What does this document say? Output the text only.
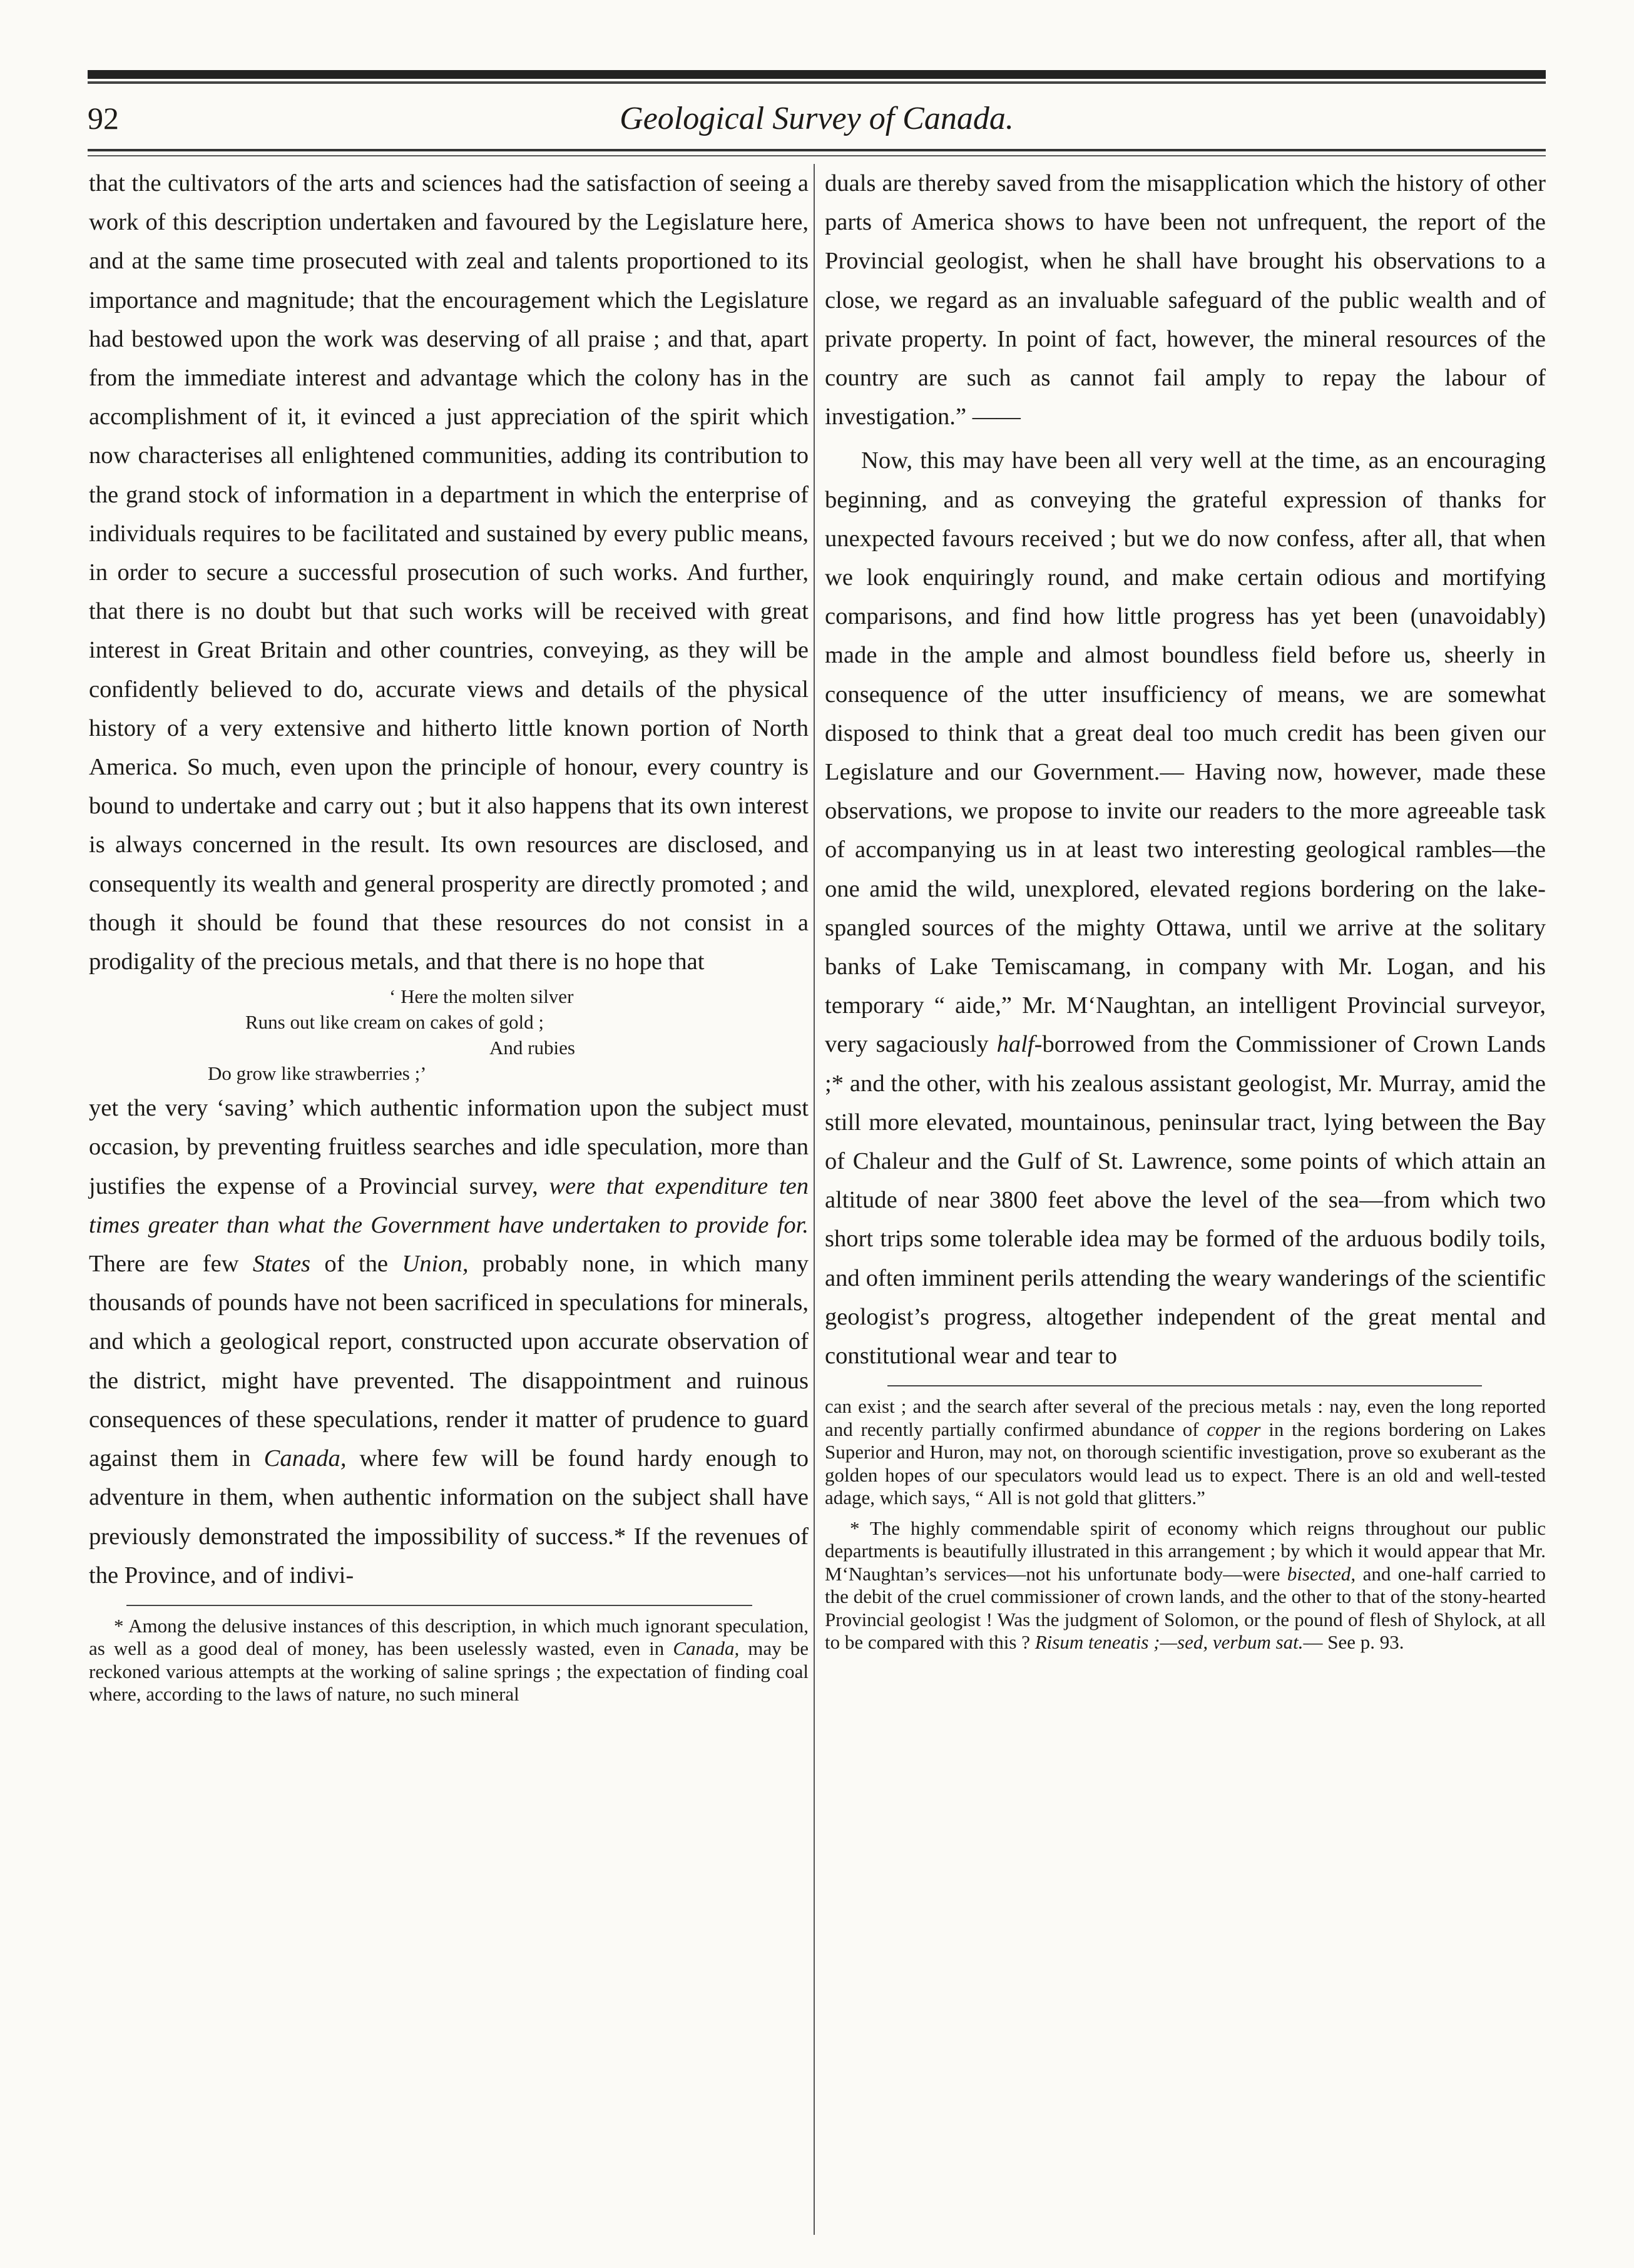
92	Geological Survey of Canada.

that the cultivators of the arts and sciences had the satisfaction of seeing a work of this description undertaken and favoured by the Legislature here, and at the same time prosecuted with zeal and talents proportioned to its importance and magnitude; that the encouragement which the Legislature had bestowed upon the work was deserving of all praise ; and that, apart from the immediate interest and advantage which the colony has in the accomplishment of it, it evinced a just appreciation of the spirit which now characterises all enlightened communities, adding its contribution to the grand stock of information in a department in which the enterprise of individuals requires to be facilitated and sustained by every public means, in order to secure a successful prosecution of such works. And further, that there is no doubt but that such works will be received with great interest in Great Britain and other countries, conveying, as they will be confidently believed to do, accurate views and details of the physical history of a very extensive and hitherto little known portion of North America. So much, even upon the principle of honour, every country is bound to undertake and carry out ; but it also happens that its own interest is always concerned in the result. Its own resources are disclosed, and consequently its wealth and general prosperity are directly promoted ; and though it should be found that these resources do not consist in a prodigality of the precious metals, and that there is no hope that

‘ Here the molten silver
Runs out like cream on cakes of gold ;
And rubies
Do grow like strawberries ;’

yet the very ‘saving’ which authentic information upon the subject must occasion, by preventing fruitless searches and idle speculation, more than justifies the expense of a Provincial survey, were that expenditure ten times greater than what the Government have undertaken to provide for. There are few States of the Union, probably none, in which many thousands of pounds have not been sacrificed in speculations for minerals, and which a geological report, constructed upon accurate observation of the district, might have prevented. The disappointment and ruinous consequences of these speculations, render it matter of prudence to guard against them in Canada, where few will be found hardy enough to adventure in them, when authentic information on the subject shall have previously demonstrated the impossibility of success.* If the revenues of the Province, and of indivi-

* Among the delusive instances of this description, in which much ignorant speculation, as well as a good deal of money, has been uselessly wasted, even in Canada, may be reckoned various attempts at the working of saline springs ; the expectation of finding coal where, according to the laws of nature, no such mineral

duals are thereby saved from the misapplication which the history of other parts of America shows to have been not unfrequent, the report of the Provincial geologist, when he shall have brought his observations to a close, we regard as an invaluable safeguard of the public wealth and of private property. In point of fact, however, the mineral resources of the country are such as cannot fail amply to repay the labour of investigation.” ——

Now, this may have been all very well at the time, as an encouraging beginning, and as conveying the grateful expression of thanks for unexpected favours received ; but we do now confess, after all, that when we look enquiringly round, and make certain odious and mortifying comparisons, and find how little progress has yet been (unavoidably) made in the ample and almost boundless field before us, sheerly in consequence of the utter insufficiency of means, we are somewhat disposed to think that a great deal too much credit has been given our Legislature and our Government.— Having now, however, made these observations, we propose to invite our readers to the more agreeable task of accompanying us in at least two interesting geological rambles—the one amid the wild, unexplored, elevated regions bordering on the lake-spangled sources of the mighty Ottawa, until we arrive at the solitary banks of Lake Temiscamang, in company with Mr. Logan, and his temporary “ aide,” Mr. M‘Naughtan, an intelligent Provincial surveyor, very sagaciously half-borrowed from the Commissioner of Crown Lands ;* and the other, with his zealous assistant geologist, Mr. Murray, amid the still more elevated, mountainous, peninsular tract, lying between the Bay of Chaleur and the Gulf of St. Lawrence, some points of which attain an altitude of near 3800 feet above the level of the sea—from which two short trips some tolerable idea may be formed of the arduous bodily toils, and often imminent perils attending the weary wanderings of the scientific geologist’s progress, altogether independent of the great mental and constitutional wear and tear to

can exist ; and the search after several of the precious metals : nay, even the long reported and recently partially confirmed abundance of copper in the regions bordering on Lakes Superior and Huron, may not, on thorough scientific investigation, prove so exuberant as the golden hopes of our speculators would lead us to expect. There is an old and well-tested adage, which says, “ All is not gold that glitters.”

* The highly commendable spirit of economy which reigns throughout our public departments is beautifully illustrated in this arrangement ; by which it would appear that Mr. M‘Naughtan’s services—not his unfortunate body—were bisected, and one-half carried to the debit of the cruel commissioner of crown lands, and the other to that of the stony-hearted Provincial geologist ! Was the judgment of Solomon, or the pound of flesh of Shylock, at all to be compared with this ? Risum teneatis ;—sed, verbum sat.— See p. 93.
